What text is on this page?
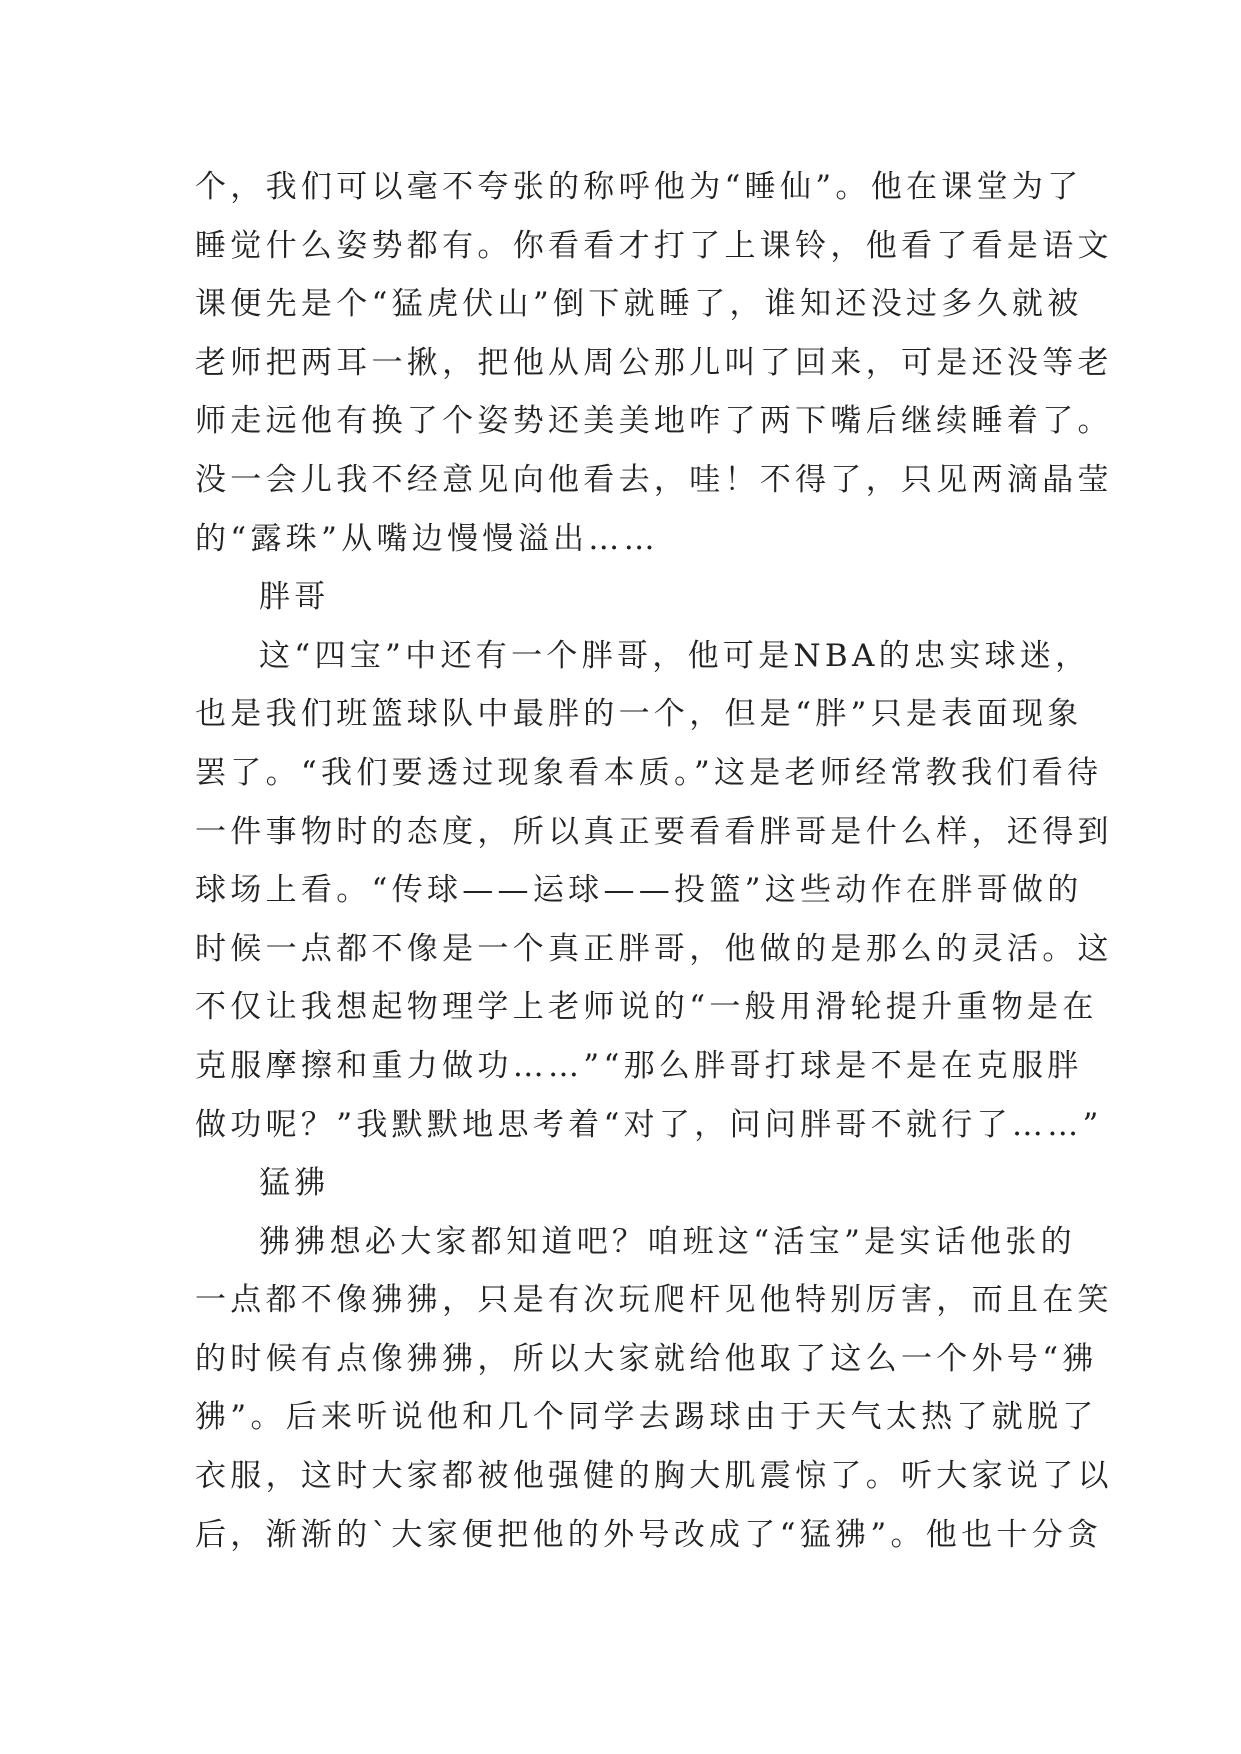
个，我们可以毫不夸张的称呼他为“睡仙”。他在课堂为了
睡觉什么姿势都有。你看看才打了上课铃，他看了看是语文
课便先是个“猛虎伏山”倒下就睡了，谁知还没过多久就被
老师把两耳一揪，把他从周公那儿叫了回来，可是还没等老
师走远他有换了个姿势还美美地咋了两下嘴后继续睡着了。
没一会儿我不经意见向他看去，哇！不得了，只见两滴晶莹
的“露珠”从嘴边慢慢溢出……
胖哥
这“四宝”中还有一个胖哥，他可是NBA的忠实球迷，
也是我们班篮球队中最胖的一个，但是“胖”只是表面现象
罢了。“我们要透过现象看本质。”这是老师经常教我们看待
一件事物时的态度，所以真正要看看胖哥是什么样，还得到
球场上看。“传球——运球——投篮”这些动作在胖哥做的
时候一点都不像是一个真正胖哥，他做的是那么的灵活。这
不仅让我想起物理学上老师说的“一般用滑轮提升重物是在
克服摩擦和重力做功……”“那么胖哥打球是不是在克服胖
做功呢？”我默默地思考着“对了，问问胖哥不就行了……”
猛狒
狒狒想必大家都知道吧？咱班这“活宝”是实话他张的
一点都不像狒狒，只是有次玩爬杆见他特别厉害，而且在笑
的时候有点像狒狒，所以大家就给他取了这么一个外号“狒
狒”。后来听说他和几个同学去踢球由于天气太热了就脱了
衣服，这时大家都被他强健的胸大肌震惊了。听大家说了以
后，渐渐的`大家便把他的外号改成了“猛狒”。他也十分贪
